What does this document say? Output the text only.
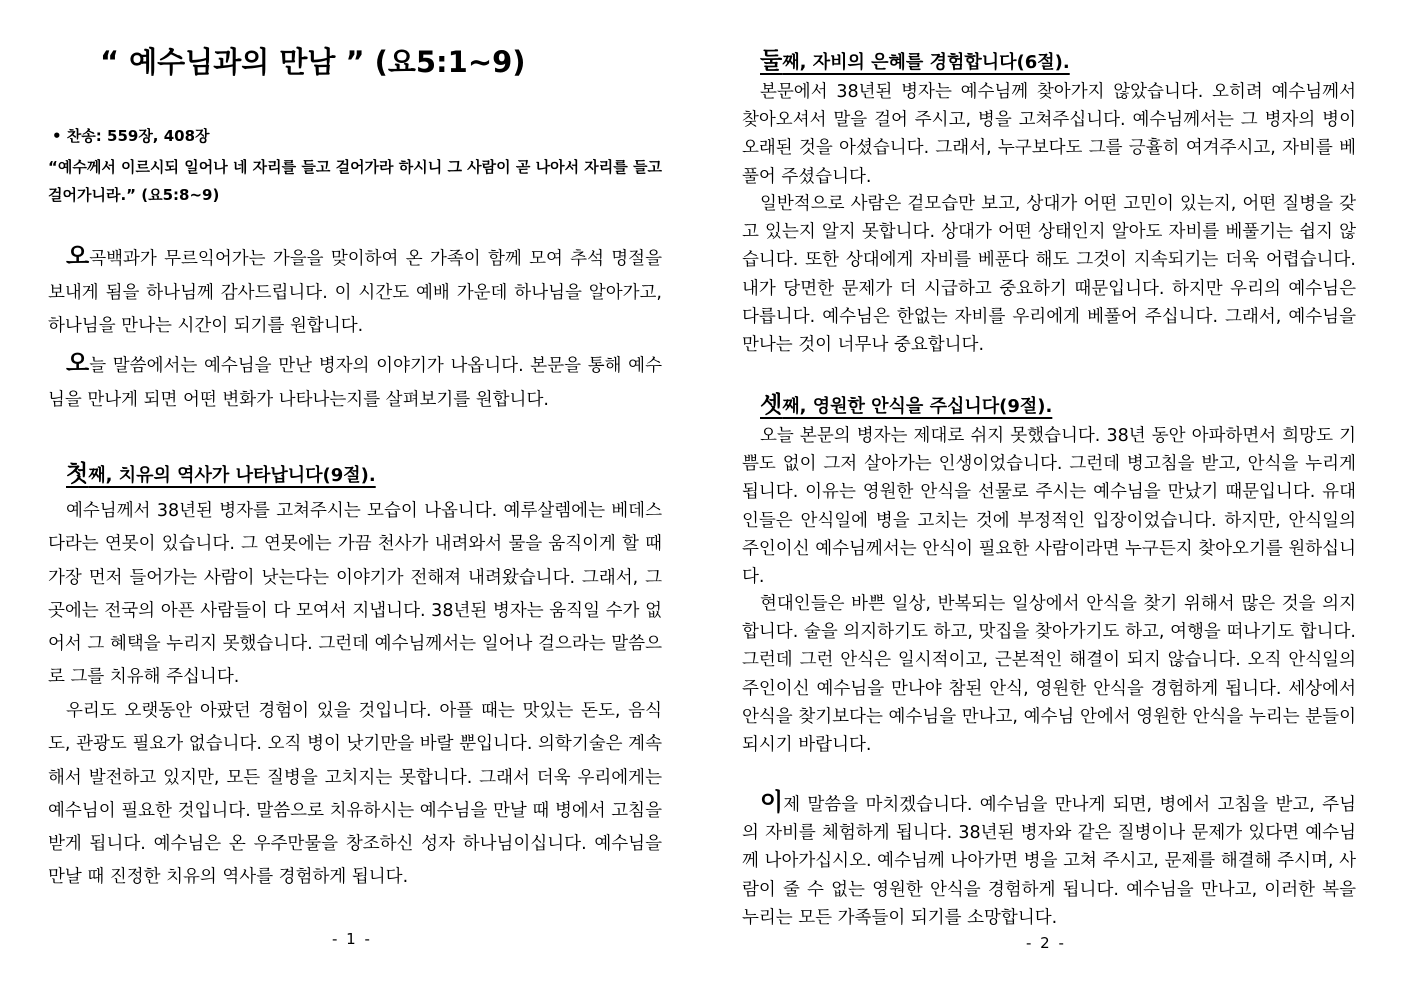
“ 예수님과의 만남 ” (요5:1~9)
• 찬송: 559장, 408장
“예수께서 이르시되 일어나 네 자리를 들고 걸어가라 하시니 그 사람이 곧 나아서 자리를 들고 걸어가니라.” (요5:8~9)
오곡백과가 무르익어가는 가을을 맞이하여 온 가족이 함께 모여 추석 명절을 보내게 됨을 하나님께 감사드립니다. 이 시간도 예배 가운데 하나님을 알아가고, 하나님을 만나는 시간이 되기를 원합니다.
오늘 말씀에서는 예수님을 만난 병자의 이야기가 나옵니다. 본문을 통해 예수님을 만나게 되면 어떤 변화가 나타나는지를 살펴보기를 원합니다.
첫째, 치유의 역사가 나타납니다(9절).
예수님께서 38년된 병자를 고쳐주시는 모습이 나옵니다. 예루살렘에는 베데스다라는 연못이 있습니다. 그 연못에는 가끔 천사가 내려와서 물을 움직이게 할 때 가장 먼저 들어가는 사람이 낫는다는 이야기가 전해져 내려왔습니다. 그래서, 그곳에는 전국의 아픈 사람들이 다 모여서 지냅니다. 38년된 병자는 움직일 수가 없어서 그 혜택을 누리지 못했습니다. 그런데 예수님께서는 일어나 걸으라는 말씀으로 그를 치유해 주십니다.
우리도 오랫동안 아팠던 경험이 있을 것입니다. 아플 때는 맛있는 돈도, 음식도, 관광도 필요가 없습니다. 오직 병이 낫기만을 바랄 뿐입니다. 의학기술은 계속해서 발전하고 있지만, 모든 질병을 고치지는 못합니다. 그래서 더욱 우리에게는 예수님이 필요한 것입니다. 말씀으로 치유하시는 예수님을 만날 때 병에서 고침을 받게 됩니다. 예수님은 온 우주만물을 창조하신 성자 하나님이십니다. 예수님을 만날 때 진정한 치유의 역사를 경험하게 됩니다.
- 1 -
둘째, 자비의 은혜를 경험합니다(6절).
본문에서 38년된 병자는 예수님께 찾아가지 않았습니다. 오히려 예수님께서 찾아오셔서 말을 걸어 주시고, 병을 고쳐주십니다. 예수님께서는 그 병자의 병이 오래된 것을 아셨습니다. 그래서, 누구보다도 그를 긍휼히 여겨주시고, 자비를 베풀어 주셨습니다.
일반적으로 사람은 겉모습만 보고, 상대가 어떤 고민이 있는지, 어떤 질병을 갖고 있는지 알지 못합니다. 상대가 어떤 상태인지 알아도 자비를 베풀기는 쉽지 않습니다. 또한 상대에게 자비를 베푼다 해도 그것이 지속되기는 더욱 어렵습니다. 내가 당면한 문제가 더 시급하고 중요하기 때문입니다. 하지만 우리의 예수님은 다릅니다. 예수님은 한없는 자비를 우리에게 베풀어 주십니다. 그래서, 예수님을 만나는 것이 너무나 중요합니다.
셋째, 영원한 안식을 주십니다(9절).
오늘 본문의 병자는 제대로 쉬지 못했습니다. 38년 동안 아파하면서 희망도 기쁨도 없이 그저 살아가는 인생이었습니다. 그런데 병고침을 받고, 안식을 누리게 됩니다. 이유는 영원한 안식을 선물로 주시는 예수님을 만났기 때문입니다. 유대인들은 안식일에 병을 고치는 것에 부정적인 입장이었습니다. 하지만, 안식일의 주인이신 예수님께서는 안식이 필요한 사람이라면 누구든지 찾아오기를 원하십니다.
현대인들은 바쁜 일상, 반복되는 일상에서 안식을 찾기 위해서 많은 것을 의지합니다. 술을 의지하기도 하고, 맛집을 찾아가기도 하고, 여행을 떠나기도 합니다. 그런데 그런 안식은 일시적이고, 근본적인 해결이 되지 않습니다. 오직 안식일의 주인이신 예수님을 만나야 참된 안식, 영원한 안식을 경험하게 됩니다. 세상에서 안식을 찾기보다는 예수님을 만나고, 예수님 안에서 영원한 안식을 누리는 분들이 되시기 바랍니다.
이제 말씀을 마치겠습니다. 예수님을 만나게 되면, 병에서 고침을 받고, 주님의 자비를 체험하게 됩니다. 38년된 병자와 같은 질병이나 문제가 있다면 예수님께 나아가십시오. 예수님께 나아가면 병을 고쳐 주시고, 문제를 해결해 주시며, 사람이 줄 수 없는 영원한 안식을 경험하게 됩니다. 예수님을 만나고, 이러한 복을 누리는 모든 가족들이 되기를 소망합니다.
- 2 -
